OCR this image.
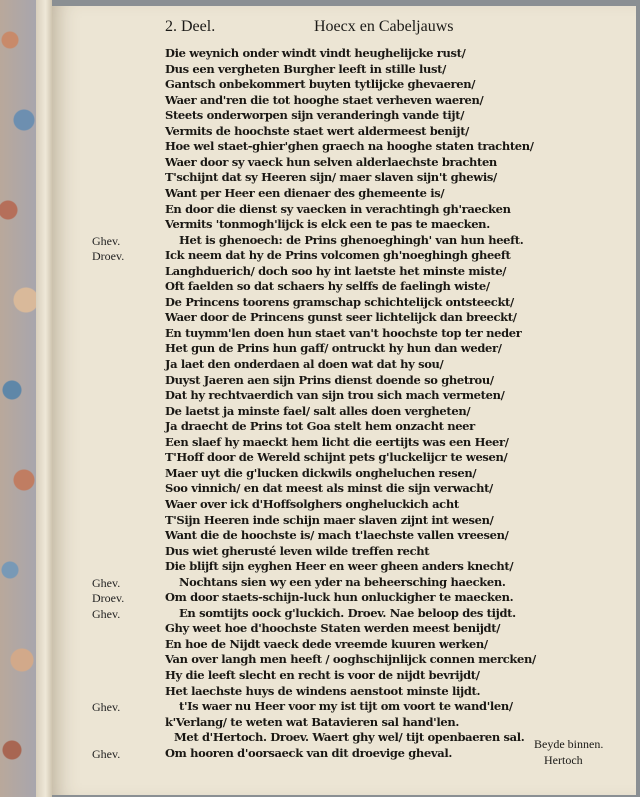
2. Deel.	Hoecx en Cabeljauws
Die weynich onder windt vindt heughelijcke rust/
Dus een vergheten Burgher leeft in stille lust/
Gantsch onbekommert buyten tytlijcke ghevaeren/
Waer and'ren die tot hooghe staet verheven waeren/
Steets onderworpen sijn veranderingh vande tijt/
Vermits de hoochste staet wert aldermeest benijt/
Hoe wel staet-ghier'ghen graech na hooghe staten trachten/
Waer door sy vaeck hun selven alderlaechste brachten
T'schijnt dat sy Heeren sijn/ maer slaven sijn't ghewis/
Want per Heer een dienaer des ghemeente is/
En door die dienst sy vaecken in verachtingh gh'raecken
Vermits 'tonmogh'lijck is elck een te pas te maecken.
Ghev.	Het is ghenoech: de Prins ghenoeghingh' van hun heeft.
Droev.	Ick neem dat hy de Prins volcomen gh'noeghingh gheeft
Langhduerich/ doch soo hy int laetste het minste miste/
Oft faelden so dat schaers hy selffs de faelingh wiste/
De Princens toorens gramschap schichtelijck ontsteeckt/
Waer door de Princens gunst seer lichtelijck dan breeckt/
En tuymm'len doen hun staet van't hoochste top ter neder
Het gun de Prins hun gaff/ ontruckt hy hun dan weder/
Ja laet den onderdaen al doen wat dat hy sou/
Duyst Jaeren aen sijn Prins dienst doende so ghetrou/
Dat hy rechtvaerdich van sijn trou sich mach vermeten/
De laetst ja minste fael/ salt alles doen vergheten/
Ja draecht de Prins tot Goa stelt hem onzacht neer
Een slaef hy maeckt hem licht die eertijts was een Heer/
T'Hoff door de Wereld schijnt pets g'luckelijcr te wesen/
Maer uyt die g'lucken dickwils ongheluchen resen/
Soo vinnich/ en dat meest als minst die sijn verwacht/
Waer over ick d'Hoffsolghers ongheluckich acht
T'Sijn Heeren inde schijn maer slaven zijnt int wesen/
Want die de hoochste is/ mach t'laechste vallen vreesen/
Dus wiet gherusté leven wilde treffen recht
Die blijft sijn eyghen Heer en weer gheen anders knecht/
Ghev.	Nochtans sien wy een yder na beheersching haecken.
Droev.	Om door staets-schijn-luck hun onluckigher te maecken.
Ghev.	En somtijts oock g'luckich. Droev. Nae beloop des tijdt.
Ghy weet hoe d'hoochste Staten werden meest benijdt/
En hoe de Nijdt vaeck dede vreemde kuuren werken/
Van over langh men heeft / ooghschijnlijck connen mercken/
Hy die leeft slecht en recht is voor de nijdt bevrijdt/
Het laechste huys de windens aenstoot minste lijdt.
Ghev.	t'Is waer nu Heer voor my ist tijt om voort te wand'len/
k'Verlang/ te weten wat Batavieren sal hand'len.
Met d'Hertoch. Droev. Waert ghy wel/ tijt openbaeren sal.
Ghev.	Om hooren d'oorsaeck van dit droevige gheval.
Beyde binnen.
Hertoch
